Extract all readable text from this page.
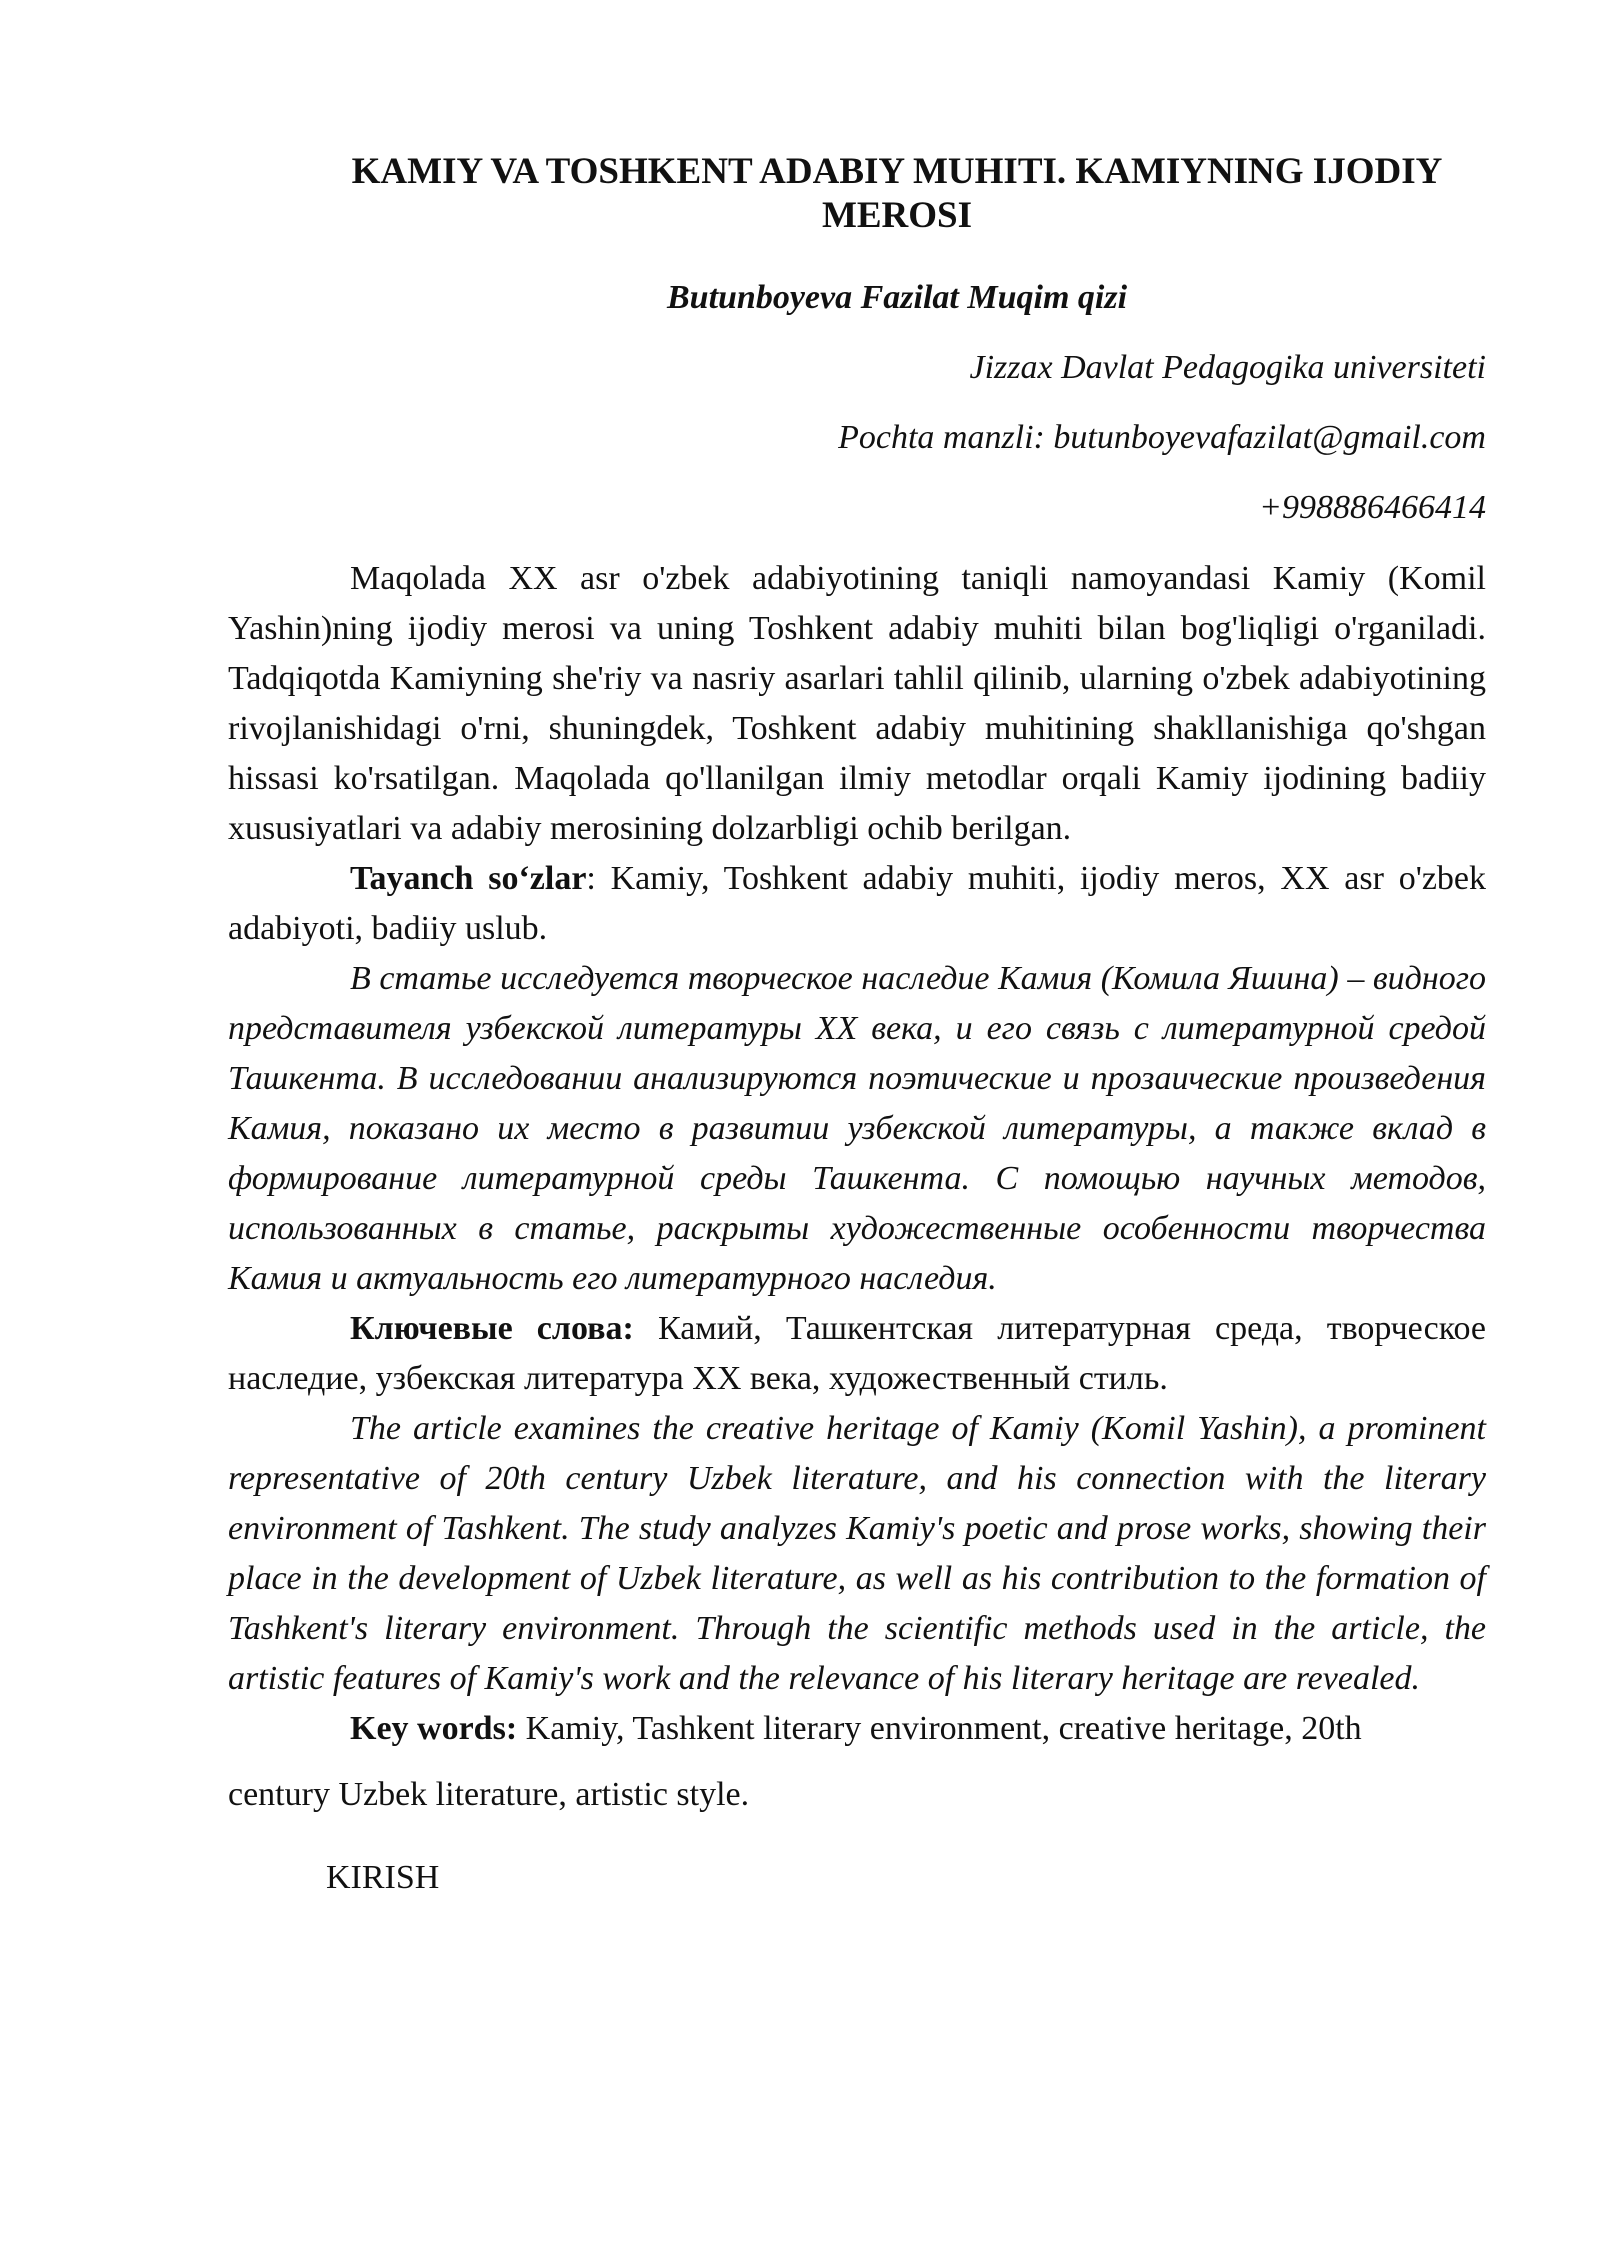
KAMIY VA TOSHKENT ADABIY MUHITI. KAMIYNING IJODIY MEROSI
Butunboyeva Fazilat Muqim qizi
Jizzax Davlat Pedagogika universiteti
Pochta manzli: butunboyevafazilat@gmail.com
+998886466414

Maqolada XX asr o'zbek adabiyotining taniqli namoyandasi Kamiy (Komil Yashin)ning ijodiy merosi va uning Toshkent adabiy muhiti bilan bog'liqligi o'rganiladi. Tadqiqotda Kamiyning she'riy va nasriy asarlari tahlil qilinib, ularning o'zbek adabiyotining rivojlanishidagi o'rni, shuningdek, Toshkent adabiy muhitining shakllanishiga qo'shgan hissasi ko'rsatilgan. Maqolada qo'llanilgan ilmiy metodlar orqali Kamiy ijodining badiiy xususiyatlari va adabiy merosining dolzarbligi ochib berilgan.

Tayanch so‘zlar: Kamiy, Toshkent adabiy muhiti, ijodiy meros, XX asr o'zbek adabiyoti, badiiy uslub.

В статье исследуется творческое наследие Камия (Комила Яшина) – видного представителя узбекской литературы XX века, и его связь с литературной средой Ташкента. В исследовании анализируются поэтические и прозаические произведения Камия, показано их место в развитии узбекской литературы, а также вклад в формирование литературной среды Ташкента. С помощью научных методов, использованных в статье, раскрыты художественные особенности творчества Камия и актуальность его литературного наследия.

Ключевые слова: Камий, Ташкентская литературная среда, творческое наследие, узбекская литература XX века, художественный стиль.

The article examines the creative heritage of Kamiy (Komil Yashin), a prominent representative of 20th century Uzbek literature, and his connection with the literary environment of Tashkent. The study analyzes Kamiy's poetic and prose works, showing their place in the development of Uzbek literature, as well as his contribution to the formation of Tashkent's literary environment. Through the scientific methods used in the article, the artistic features of Kamiy's work and the relevance of his literary heritage are revealed.

Key words: Kamiy, Tashkent literary environment, creative heritage, 20th
century Uzbek literature, artistic style.

KIRISH
